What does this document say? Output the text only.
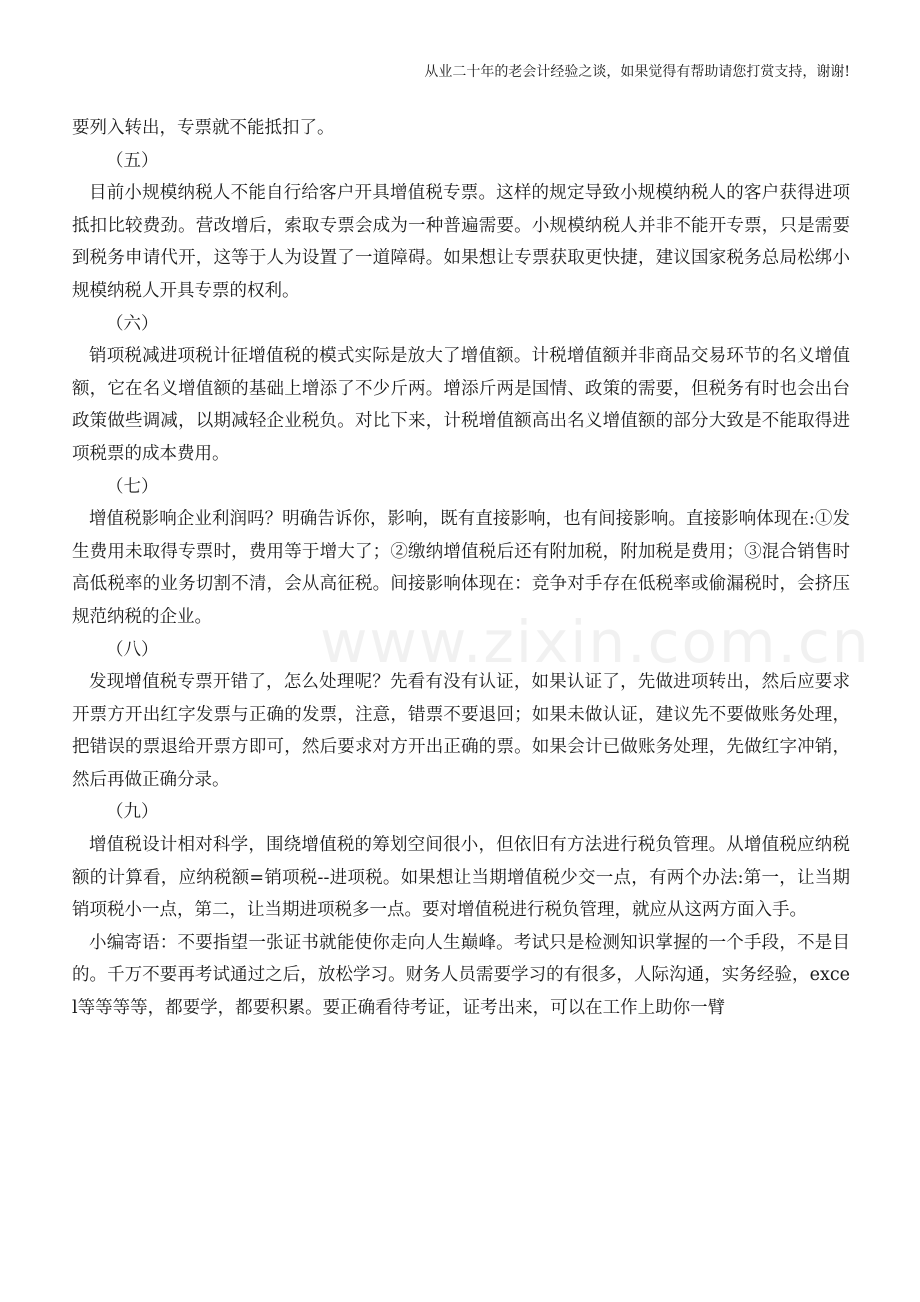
从业二十年的老会计经验之谈，如果觉得有帮助请您打赏支持，谢谢!
www.zixin.com.cn

要列入转出，专票就不能抵扣了。

（五）

目前小规模纳税人不能自行给客户开具增值税专票。这样的规定导致小规模纳税人的客户获得进项抵扣比较费劲。营改增后，索取专票会成为一种普遍需要。小规模纳税人并非不能开专票，只是需要到税务申请代开，这等于人为设置了一道障碍。如果想让专票获取更快捷，建议国家税务总局松绑小规模纳税人开具专票的权利。

（六）

销项税减进项税计征增值税的模式实际是放大了增值额。计税增值额并非商品交易环节的名义增值额，它在名义增值额的基础上增添了不少斤两。增添斤两是国情、政策的需要，但税务有时也会出台政策做些调减，以期减轻企业税负。对比下来，计税增值额高出名义增值额的部分大致是不能取得进项税票的成本费用。

（七）

增值税影响企业利润吗？明确告诉你，影响，既有直接影响，也有间接影响。直接影响体现在:①发生费用未取得专票时，费用等于增大了；②缴纳增值税后还有附加税，附加税是费用；③混合销售时高低税率的业务切割不清，会从高征税。间接影响体现在：竞争对手存在低税率或偷漏税时，会挤压规范纳税的企业。

（八）

发现增值税专票开错了，怎么处理呢？先看有没有认证，如果认证了，先做进项转出，然后应要求开票方开出红字发票与正确的发票，注意，错票不要退回；如果未做认证，建议先不要做账务处理，把错误的票退给开票方即可，然后要求对方开出正确的票。如果会计已做账务处理，先做红字冲销，然后再做正确分录。

（九）

增值税设计相对科学，围绕增值税的筹划空间很小，但依旧有方法进行税负管理。从增值税应纳税额的计算看，应纳税额=销项税--进项税。如果想让当期增值税少交一点，有两个办法:第一，让当期销项税小一点，第二，让当期进项税多一点。要对增值税进行税负管理，就应从这两方面入手。

小编寄语：不要指望一张证书就能使你走向人生巅峰。考试只是检测知识掌握的一个手段，不是目的。千万不要再考试通过之后，放松学习。财务人员需要学习的有很多，人际沟通，实务经验，excel等等等等，都要学，都要积累。要正确看待考证，证考出来，可以在工作上助你一臂
